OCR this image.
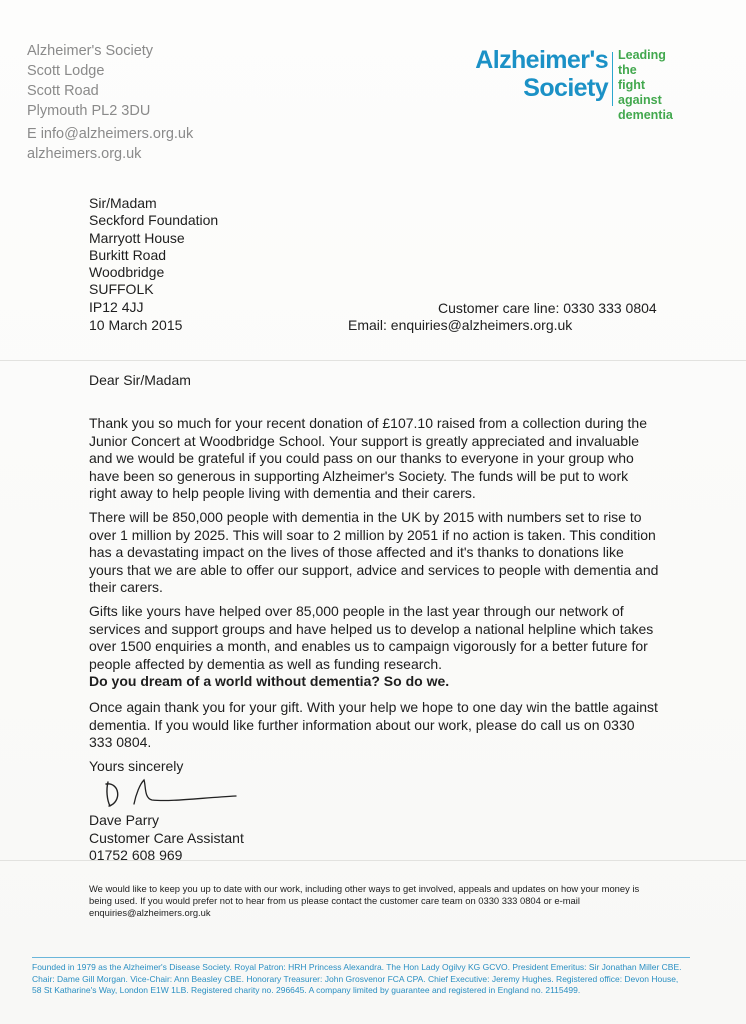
Alzheimer's Society
Scott Lodge
Scott Road
Plymouth PL2 3DU
E info@alzheimers.org.uk
alzheimers.org.uk
Alzheimer's
Society
Leading the
fight against
dementia
Sir/Madam
Seckford Foundation
Marryott House
Burkitt Road
Woodbridge
SUFFOLK
IP12 4JJ	Customer care line: 0330 333 0804
10 March 2015	Email: enquiries@alzheimers.org.uk
Dear Sir/Madam

Thank you so much for your recent donation of £107.10 raised from a collection during the Junior Concert at Woodbridge School. Your support is greatly appreciated and invaluable and we would be grateful if you could pass on our thanks to everyone in your group who have been so generous in supporting Alzheimer's Society. The funds will be put to work right away to help people living with dementia and their carers.

There will be 850,000 people with dementia in the UK by 2015 with numbers set to rise to over 1 million by 2025. This will soar to 2 million by 2051 if no action is taken. This condition has a devastating impact on the lives of those affected and it's thanks to donations like yours that we are able to offer our support, advice and services to people with dementia and their carers.

Gifts like yours have helped over 85,000 people in the last year through our network of services and support groups and have helped us to develop a national helpline which takes over 1500 enquiries a month, and enables us to campaign vigorously for a better future for people affected by dementia as well as funding research.

Do you dream of a world without dementia? So do we.

Once again thank you for your gift. With your help we hope to one day win the battle against dementia. If you would like further information about our work, please do call us on 0330 333 0804.

Yours sincerely
Dave Parry
Customer Care Assistant
01752 608 969
We would like to keep you up to date with our work, including other ways to get involved, appeals and updates on how your money is being used. If you would prefer not to hear from us please contact the customer care team on 0330 333 0804 or e-mail enquiries@alzheimers.org.uk
Founded in 1979 as the Alzheimer's Disease Society. Royal Patron: HRH Princess Alexandra. The Hon Lady Ogilvy KG GCVO. President Emeritus: Sir Jonathan Miller CBE.
Chair: Dame Gill Morgan. Vice-Chair: Ann Beasley CBE. Honorary Treasurer: John Grosvenor FCA CPA. Chief Executive: Jeremy Hughes. Registered office: Devon House,
58 St Katharine's Way, London E1W 1LB. Registered charity no. 296645. A company limited by guarantee and registered in England no. 2115499.
